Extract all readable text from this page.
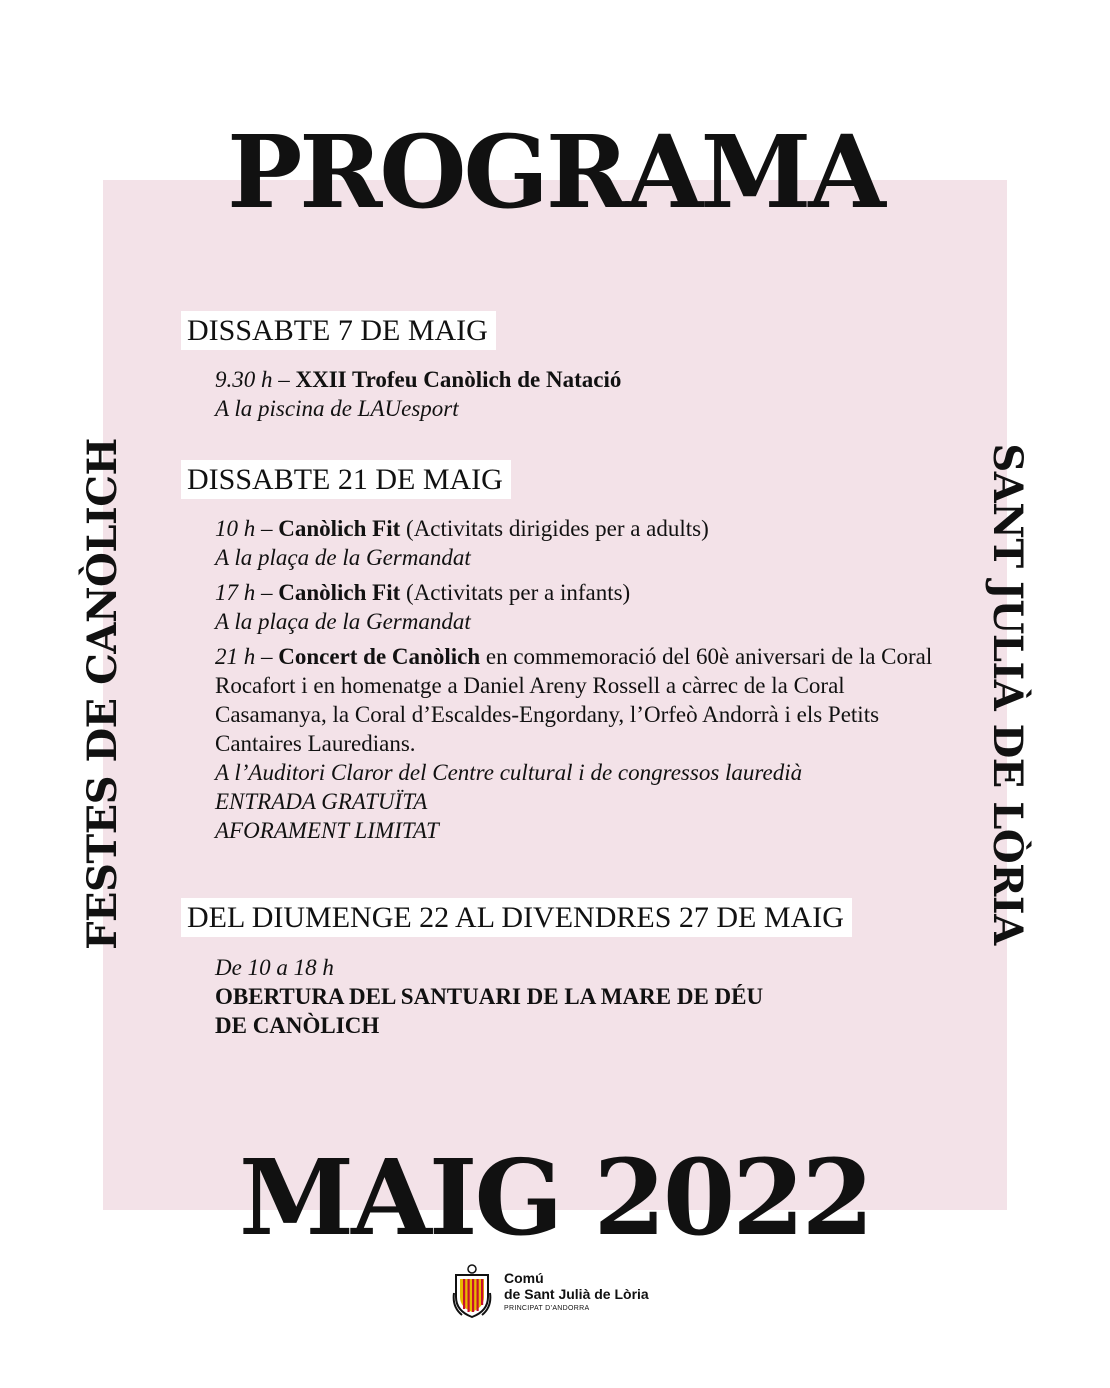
PROGRAMA
FESTES DE CANÒLICH	SANT JULIÀ DE LÒRIA
DISSABTE 7 DE MAIG

9.30 h – XXII Trofeu Canòlich de Natació

A la piscina de LAUesport

DISSABTE 21 DE MAIG

10 h – Canòlich Fit (Activitats dirigides per a adults)

A la plaça de la Germandat

17 h – Canòlich Fit (Activitats per a infants)

A la plaça de la Germandat

21 h – Concert de Canòlich en commemoració del 60è aniversari de la Coral Rocafort i en homenatge a Daniel Areny Rossell a càrrec de la Coral Casamanya, la Coral d’Escaldes-Engordany, l’Orfeò Andorrà i els Petits Cantaires Lauredians.

A l’Auditori Claror del Centre cultural i de congressos lauredià

ENTRADA GRATUÏTA

AFORAMENT LIMITAT

DEL DIUMENGE 22 AL DIVENDRES 27 DE MAIG

De 10 a 18 h

OBERTURA DEL SANTUARI DE LA MARE DE DÉU

DE CANÒLICH

MAIG 2022
Comú
de Sant Julià de Lòria
PRINCIPAT D’ANDORRA
